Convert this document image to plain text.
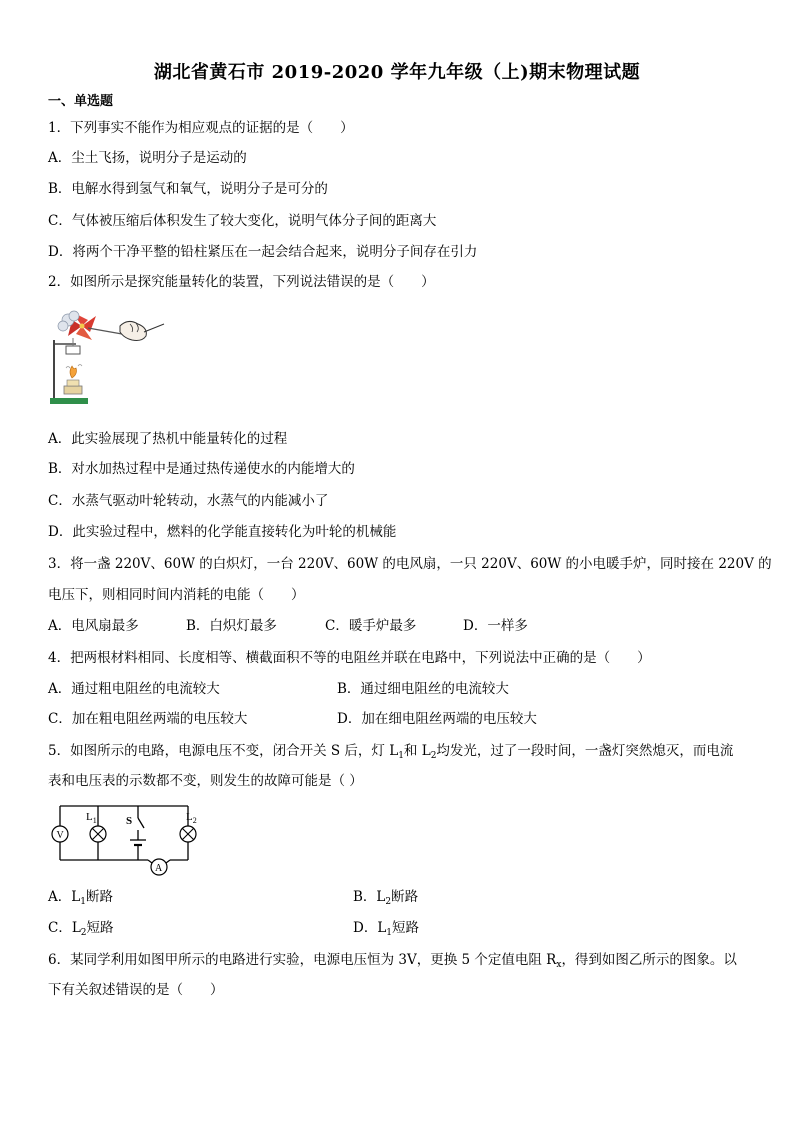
湖北省黄石市 2019-2020 学年九年级（上)期末物理试题
一、单选题
1．下列事实不能作为相应观点的证据的是（　　）
A．尘土飞扬，说明分子是运动的
B．电解水得到氢气和氧气，说明分子是可分的
C．气体被压缩后体积发生了较大变化，说明气体分子间的距离大
D．将两个干净平整的铅柱紧压在一起会结合起来，说明分子间存在引力
2．如图所示是探究能量转化的装置，下列说法错误的是（　　）
A．此实验展现了热机中能量转化的过程
B．对水加热过程中是通过热传递使水的内能增大的
C．水蒸气驱动叶轮转动，水蒸气的内能减小了
D．此实验过程中，燃料的化学能直接转化为叶轮的机械能
3．将一盏 220V、60W 的白炽灯，一台 220V、60W 的电风扇，一只 220V、60W 的小电暖手炉，同时接在 220V 的
电压下，则相同时间内消耗的电能（　　）
A．电风扇最多	B．白炽灯最多	C．暖手炉最多	D．一样多
4．把两根材料相同、长度相等、横截面积不等的电阻丝并联在电路中，下列说法中正确的是（　　）
A．通过粗电阻丝的电流较大	B．通过细电阻丝的电流较大
C．加在粗电阻丝两端的电压较大	D．加在细电阻丝两端的电压较大
5．如图所示的电路，电源电压不变，闭合开关 S 后，灯 $L_1$和 $L_2$均发光，过了一段时间，一盏灯突然熄灭，而电流
表和电压表的示数都不变，则发生的故障可能是（ ）
$L_1$	S	$L_2$
V
A
A．$L_1$断路	B．$L_2$断路
C．$L_2$短路	D．$L_1$短路
6．某同学利用如图甲所示的电路进行实验，电源电压恒为 3V，更换 5 个定值电阻 $R_x$，得到如图乙所示的图象。以
下有关叙述错误的是（　　）
